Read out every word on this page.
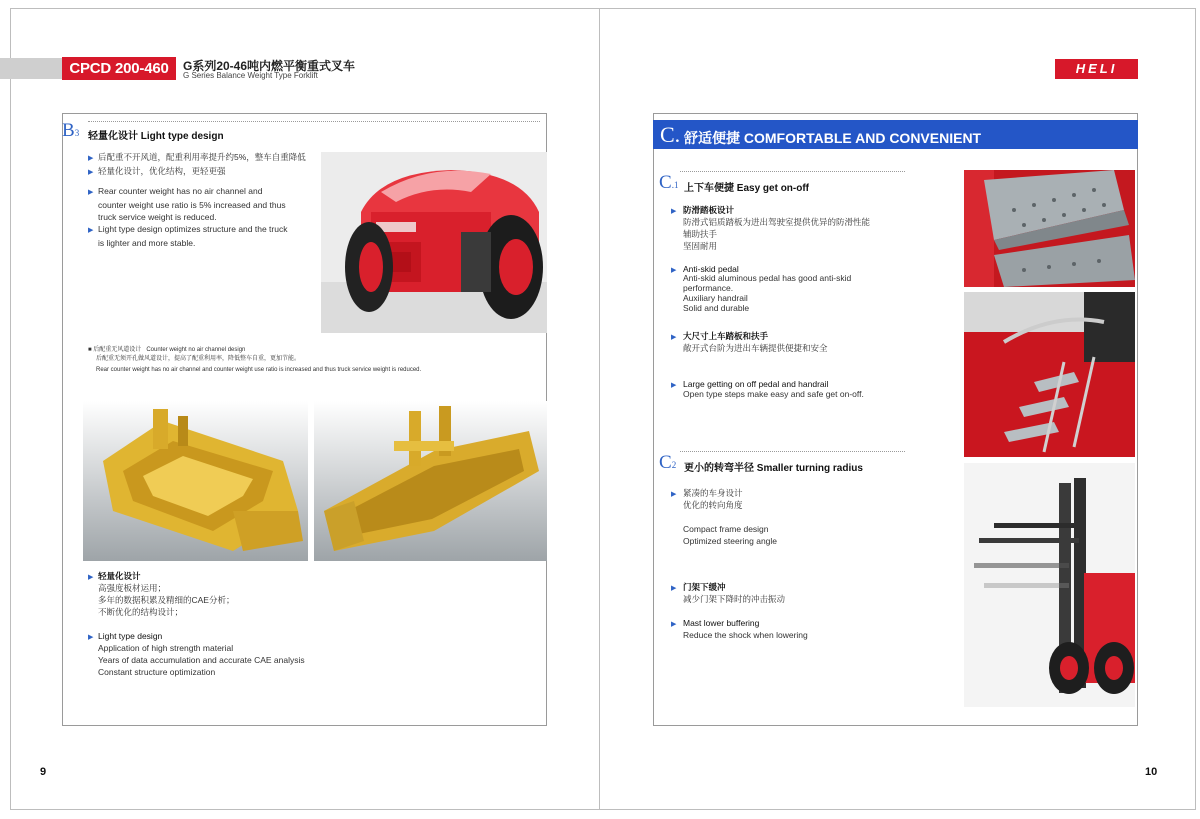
CPCD 200-460	G系列20-46吨内燃平衡重式叉车
G Series Balance Weight Type Forklift	HELI
B3 轻量化设计 Light type design
▶ 后配重不开风道，配重利用率提升约5%，整车自重降低
▶ 轻量化设计，优化结构，更轻更强
▶ Rear counter weight has no air channel and
counter weight use ratio is 5% increased and thus
truck service weight is reduced.
▶ Light type design optimizes structure and the truck
is lighter and more stable.
■ 后配重无风道设计 Counter weight no air channel design
后配重无须开孔做风道设计，提高了配重利用率，降低整车自重，更加节能。
Rear counter weight has no air channel and counter weight use ratio is increased and thus truck service weight is reduced.
▶ 轻量化设计
高强度板材运用；
多年的数据积累及精细的CAE分析；
不断优化的结构设计；
▶ Light type design
Application of high strength material
Years of data accumulation and accurate CAE analysis
Constant structure optimization
9
C. 舒适便捷 COMFORTABLE AND CONVENIENT
C.1 上下车便捷 Easy get on-off
▶ 防滑踏板设计
防滑式铝质踏板为进出驾驶室提供优异的防滑性能
辅助扶手
坚固耐用
▶ Anti-skid pedal
Anti-skid aluminous pedal has good anti-skid
performance.
Auxiliary handrail
Solid and durable
▶ 大尺寸上车踏板和扶手
敞开式台阶为进出车辆提供便捷和安全
▶ Large getting on off pedal and handrail
Open type steps make easy and safe get on-off.
C2 更小的转弯半径 Smaller turning radius
▶ 紧凑的车身设计
优化的转向角度
Compact frame design
Optimized steering angle
▶ 门架下缓冲
减少门架下降时的冲击振动
▶ Mast lower buffering
Reduce the shock when lowering
10
